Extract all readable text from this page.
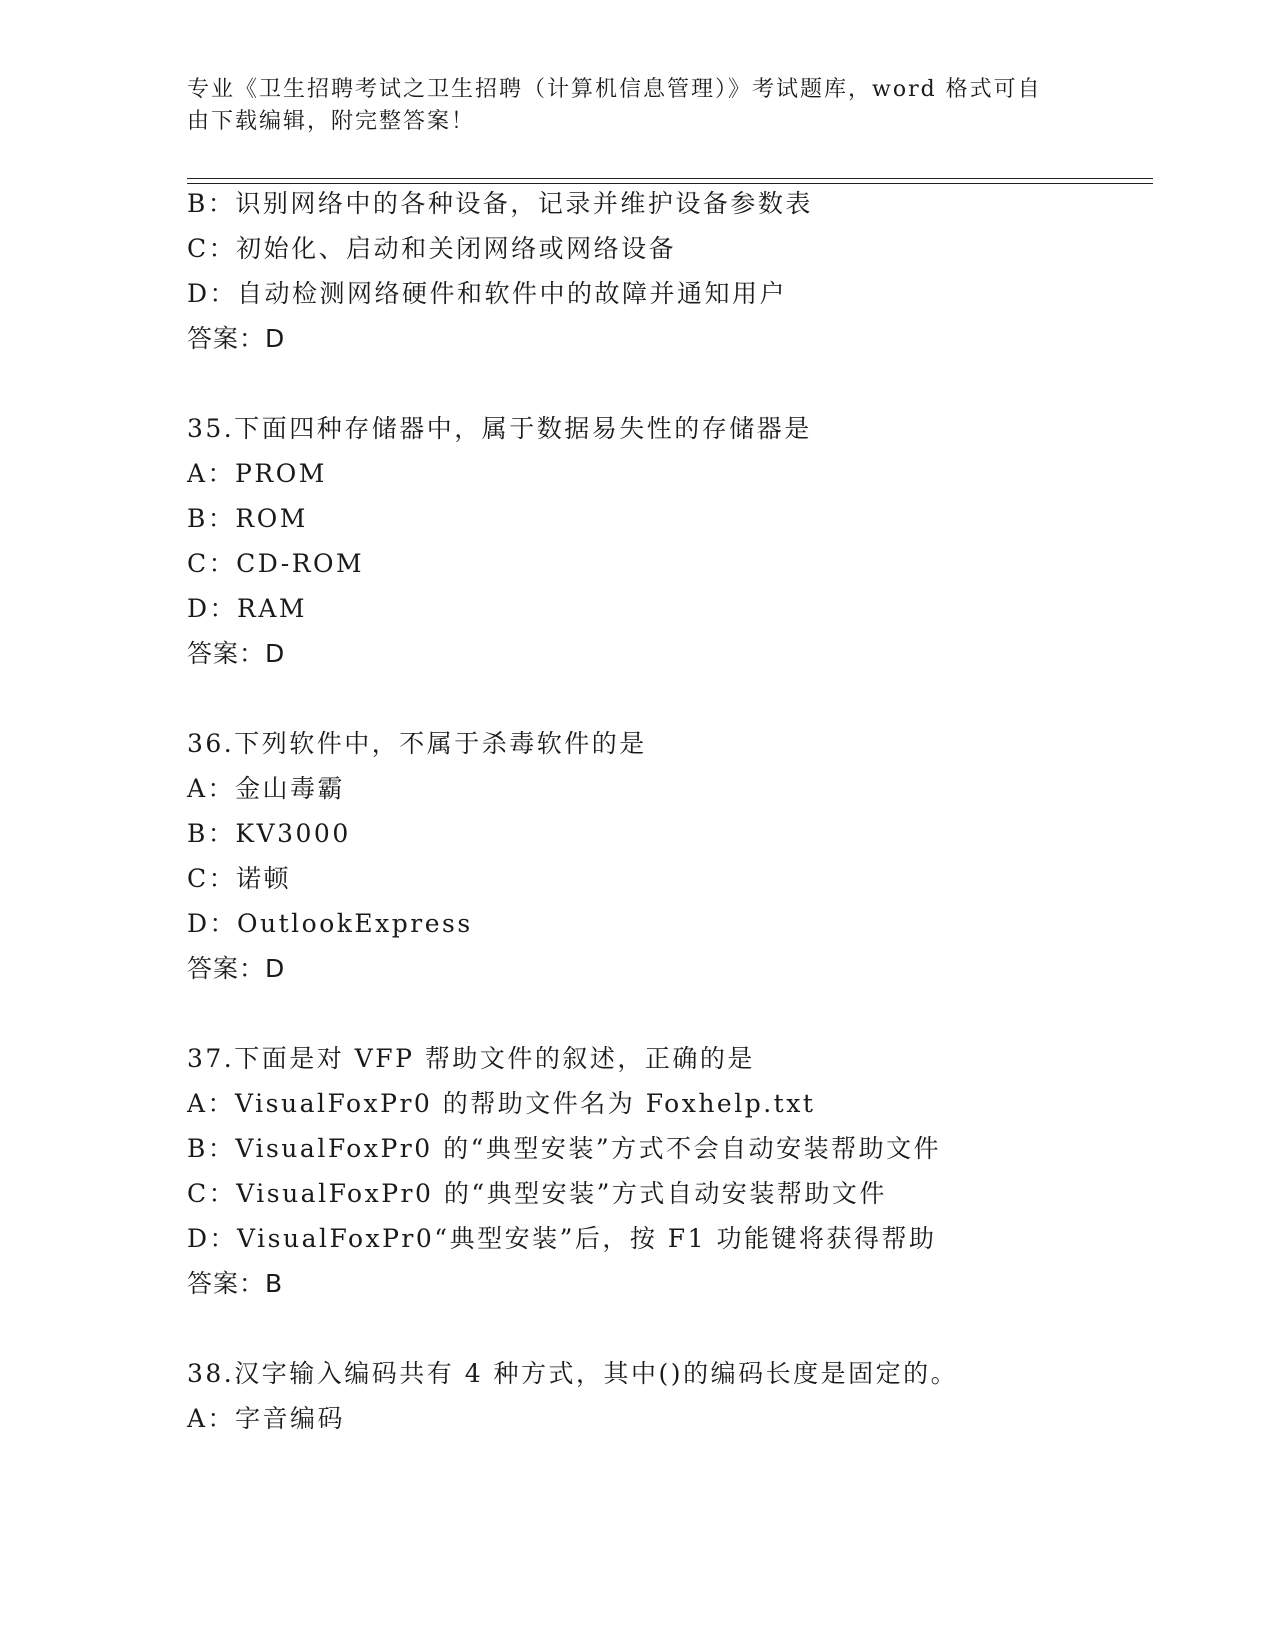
专业《卫生招聘考试之卫生招聘（计算机信息管理）》考试题库，word 格式可自
由下载编辑，附完整答案！
B：识别网络中的各种设备，记录并维护设备参数表
C：初始化、启动和关闭网络或网络设备
D：自动检测网络硬件和软件中的故障并通知用户
答案：D
35.下面四种存储器中，属于数据易失性的存储器是
A：PROM
B：ROM
C：CD-ROM
D：RAM
答案：D
36.下列软件中，不属于杀毒软件的是
A：金山毒霸
B：KV3000
C：诺顿
D：OutlookExpress
答案：D
37.下面是对 VFP 帮助文件的叙述，正确的是
A：VisualFoxPr0 的帮助文件名为 Foxhelp.txt
B：VisualFoxPr0 的“典型安装”方式不会自动安装帮助文件
C：VisualFoxPr0 的“典型安装”方式自动安装帮助文件
D：VisualFoxPr0“典型安装”后，按 F1 功能键将获得帮助
答案：B
38.汉字输入编码共有 4 种方式，其中()的编码长度是固定的。
A：字音编码
